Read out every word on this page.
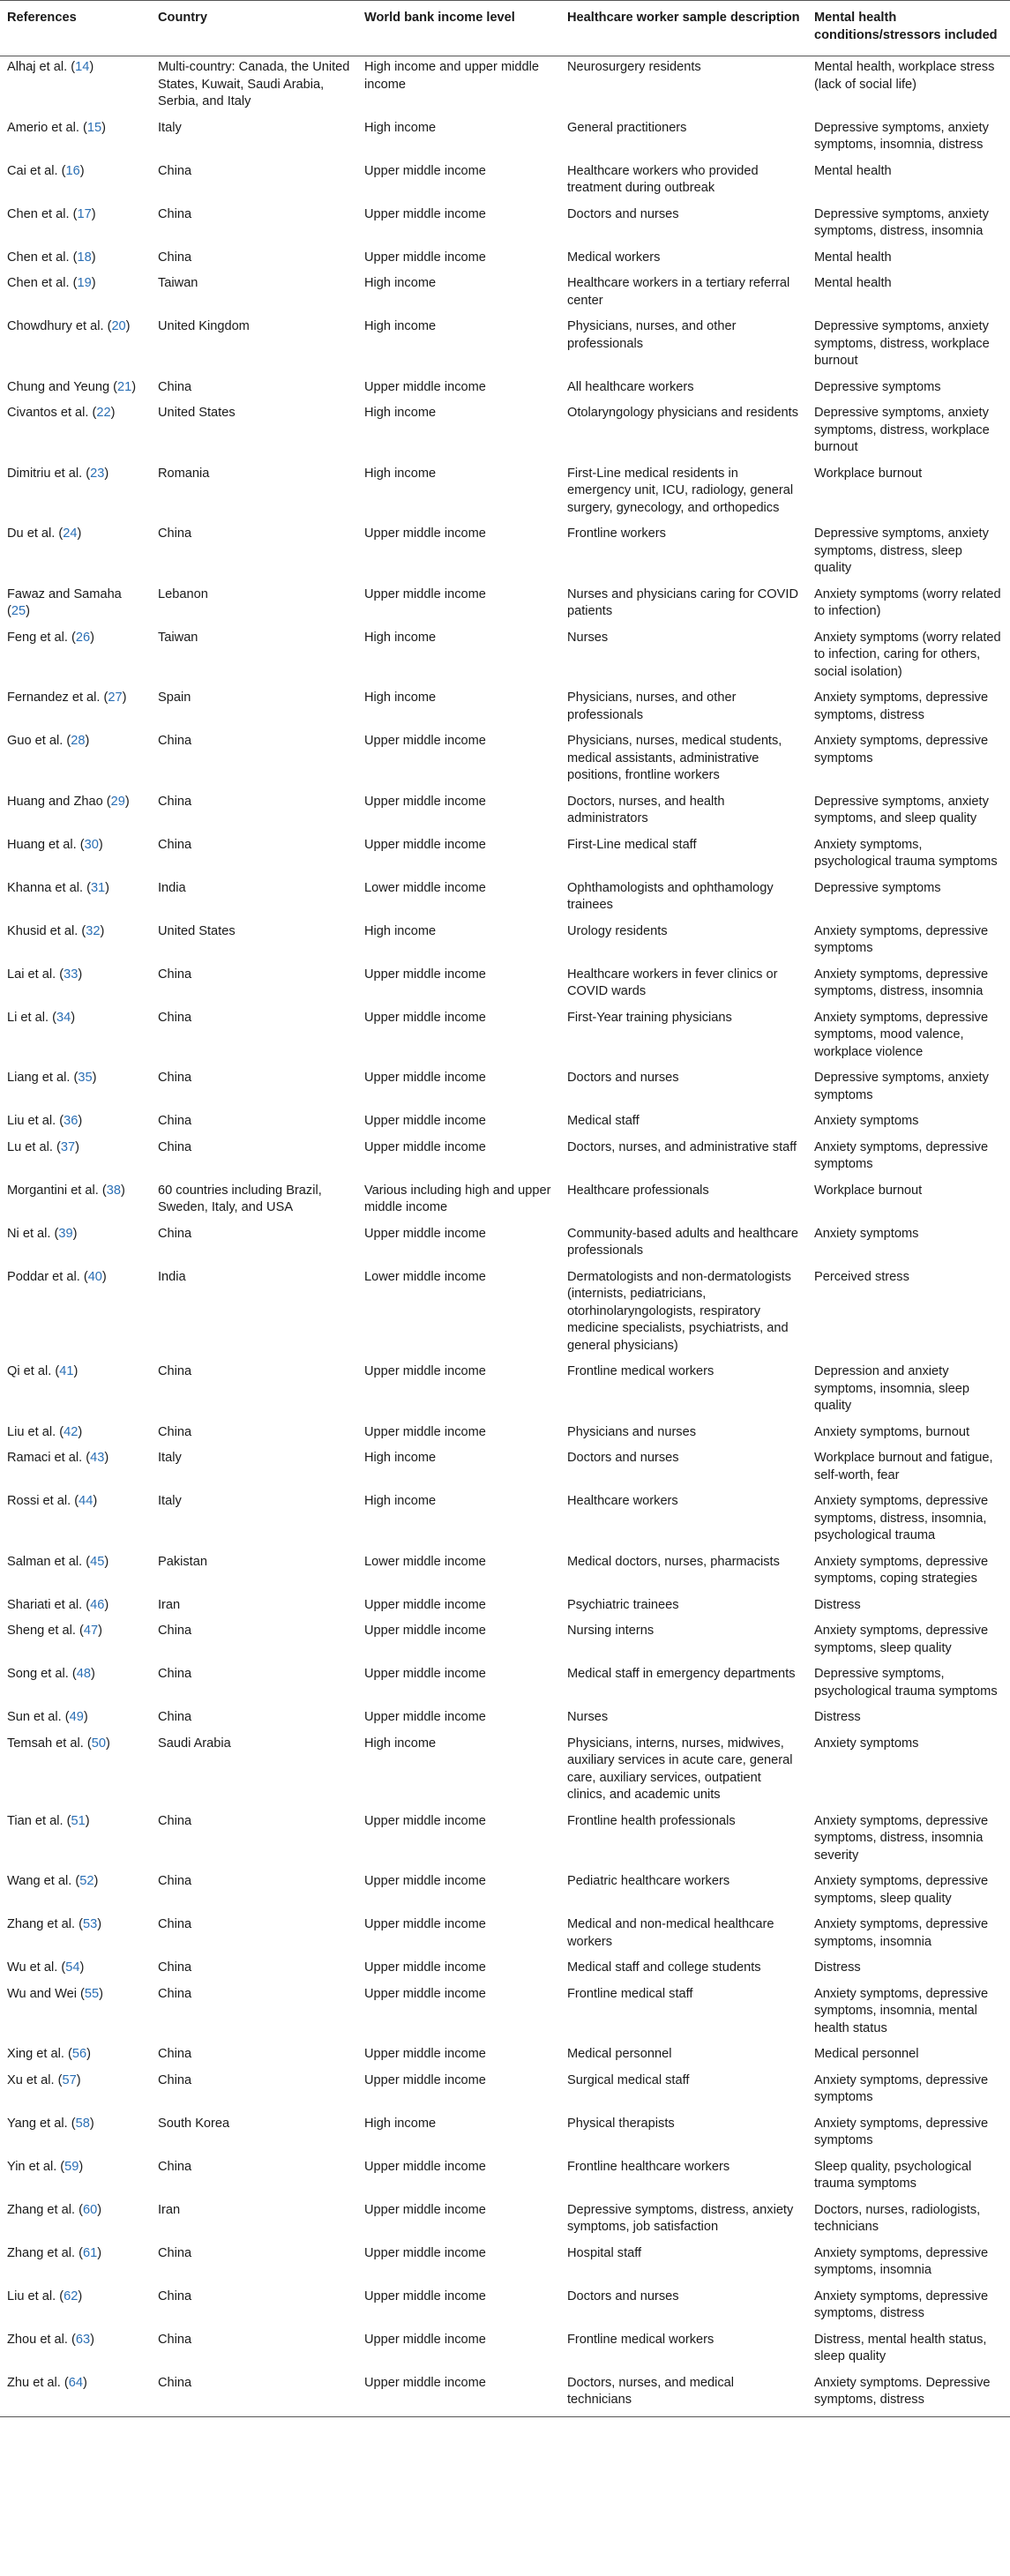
References	Country	World bank income level	Healthcare worker sample description	Mental health conditions/stressors included
Alhaj et al. (14)	Multi-country: Canada, the United States, Kuwait, Saudi Arabia, Serbia, and Italy	High income and upper middle income	Neurosurgery residents	Mental health, workplace stress (lack of social life)
Amerio et al. (15)	Italy	High income	General practitioners	Depressive symptoms, anxiety symptoms, insomnia, distress
Cai et al. (16)	China	Upper middle income	Healthcare workers who provided treatment during outbreak	Mental health
Chen et al. (17)	China	Upper middle income	Doctors and nurses	Depressive symptoms, anxiety symptoms, distress, insomnia
Chen et al. (18)	China	Upper middle income	Medical workers	Mental health
Chen et al. (19)	Taiwan	High income	Healthcare workers in a tertiary referral center	Mental health
Chowdhury et al. (20)	United Kingdom	High income	Physicians, nurses, and other professionals	Depressive symptoms, anxiety symptoms, distress, workplace burnout
Chung and Yeung (21)	China	Upper middle income	All healthcare workers	Depressive symptoms
Civantos et al. (22)	United States	High income	Otolaryngology physicians and residents	Depressive symptoms, anxiety symptoms, distress, workplace burnout
Dimitriu et al. (23)	Romania	High income	First-Line medical residents in emergency unit, ICU, radiology, general surgery, gynecology, and orthopedics	Workplace burnout
Du et al. (24)	China	Upper middle income	Frontline workers	Depressive symptoms, anxiety symptoms, distress, sleep quality
Fawaz and Samaha (25)	Lebanon	Upper middle income	Nurses and physicians caring for COVID patients	Anxiety symptoms (worry related to infection)
Feng et al. (26)	Taiwan	High income	Nurses	Anxiety symptoms (worry related to infection, caring for others, social isolation)
Fernandez et al. (27)	Spain	High income	Physicians, nurses, and other professionals	Anxiety symptoms, depressive symptoms, distress
Guo et al. (28)	China	Upper middle income	Physicians, nurses, medical students, medical assistants, administrative positions, frontline workers	Anxiety symptoms, depressive symptoms
Huang and Zhao (29)	China	Upper middle income	Doctors, nurses, and health administrators	Depressive symptoms, anxiety symptoms, and sleep quality
Huang et al. (30)	China	Upper middle income	First-Line medical staff	Anxiety symptoms, psychological trauma symptoms
Khanna et al. (31)	India	Lower middle income	Ophthamologists and ophthamology trainees	Depressive symptoms
Khusid et al. (32)	United States	High income	Urology residents	Anxiety symptoms, depressive symptoms
Lai et al. (33)	China	Upper middle income	Healthcare workers in fever clinics or COVID wards	Anxiety symptoms, depressive symptoms, distress, insomnia
Li et al. (34)	China	Upper middle income	First-Year training physicians	Anxiety symptoms, depressive symptoms, mood valence, workplace violence
Liang et al. (35)	China	Upper middle income	Doctors and nurses	Depressive symptoms, anxiety symptoms
Liu et al. (36)	China	Upper middle income	Medical staff	Anxiety symptoms
Lu et al. (37)	China	Upper middle income	Doctors, nurses, and administrative staff	Anxiety symptoms, depressive symptoms
Morgantini et al. (38)	60 countries including Brazil, Sweden, Italy, and USA	Various including high and upper middle income	Healthcare professionals	Workplace burnout
Ni et al. (39)	China	Upper middle income	Community-based adults and healthcare professionals	Anxiety symptoms
Poddar et al. (40)	India	Lower middle income	Dermatologists and non-dermatologists (internists, pediatricians, otorhinolaryngologists, respiratory medicine specialists, psychiatrists, and general physicians)	Perceived stress
Qi et al. (41)	China	Upper middle income	Frontline medical workers	Depression and anxiety symptoms, insomnia, sleep quality
Liu et al. (42)	China	Upper middle income	Physicians and nurses	Anxiety symptoms, burnout
Ramaci et al. (43)	Italy	High income	Doctors and nurses	Workplace burnout and fatigue, self-worth, fear
Rossi et al. (44)	Italy	High income	Healthcare workers	Anxiety symptoms, depressive symptoms, distress, insomnia, psychological trauma
Salman et al. (45)	Pakistan	Lower middle income	Medical doctors, nurses, pharmacists	Anxiety symptoms, depressive symptoms, coping strategies
Shariati et al. (46)	Iran	Upper middle income	Psychiatric trainees	Distress
Sheng et al. (47)	China	Upper middle income	Nursing interns	Anxiety symptoms, depressive symptoms, sleep quality
Song et al. (48)	China	Upper middle income	Medical staff in emergency departments	Depressive symptoms, psychological trauma symptoms
Sun et al. (49)	China	Upper middle income	Nurses	Distress
Temsah et al. (50)	Saudi Arabia	High income	Physicians, interns, nurses, midwives, auxiliary services in acute care, general care, auxiliary services, outpatient clinics, and academic units	Anxiety symptoms
Tian et al. (51)	China	Upper middle income	Frontline health professionals	Anxiety symptoms, depressive symptoms, distress, insomnia severity
Wang et al. (52)	China	Upper middle income	Pediatric healthcare workers	Anxiety symptoms, depressive symptoms, sleep quality
Zhang et al. (53)	China	Upper middle income	Medical and non-medical healthcare workers	Anxiety symptoms, depressive symptoms, insomnia
Wu et al. (54)	China	Upper middle income	Medical staff and college students	Distress
Wu and Wei (55)	China	Upper middle income	Frontline medical staff	Anxiety symptoms, depressive symptoms, insomnia, mental health status
Xing et al. (56)	China	Upper middle income	Medical personnel	Medical personnel
Xu et al. (57)	China	Upper middle income	Surgical medical staff	Anxiety symptoms, depressive symptoms
Yang et al. (58)	South Korea	High income	Physical therapists	Anxiety symptoms, depressive symptoms
Yin et al. (59)	China	Upper middle income	Frontline healthcare workers	Sleep quality, psychological trauma symptoms
Zhang et al. (60)	Iran	Upper middle income	Depressive symptoms, distress, anxiety symptoms, job satisfaction	Doctors, nurses, radiologists, technicians
Zhang et al. (61)	China	Upper middle income	Hospital staff	Anxiety symptoms, depressive symptoms, insomnia
Liu et al. (62)	China	Upper middle income	Doctors and nurses	Anxiety symptoms, depressive symptoms, distress
Zhou et al. (63)	China	Upper middle income	Frontline medical workers	Distress, mental health status, sleep quality
Zhu et al. (64)	China	Upper middle income	Doctors, nurses, and medical technicians	Anxiety symptoms. Depressive symptoms, distress
